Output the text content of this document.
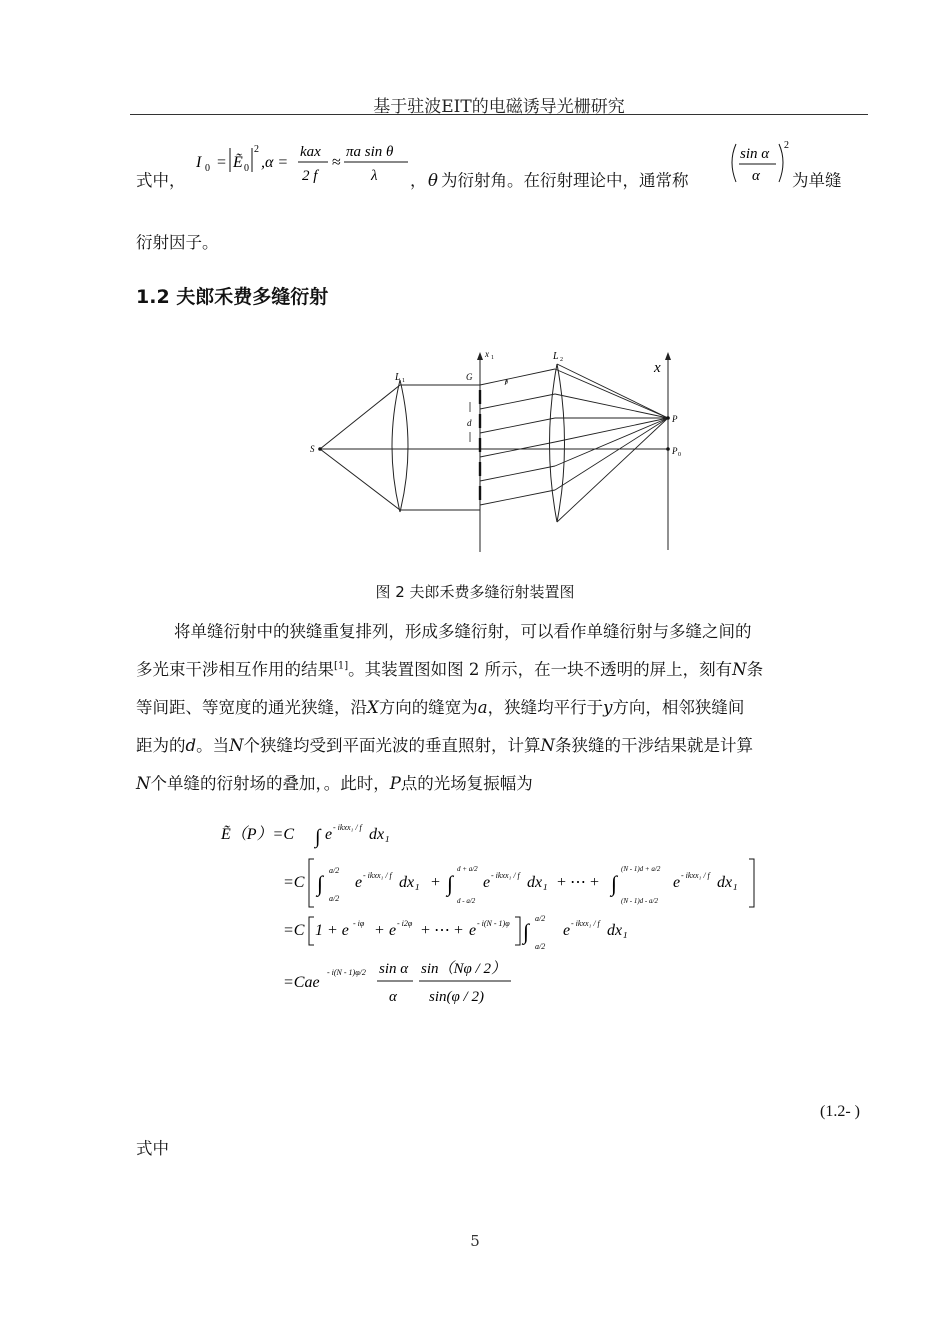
基于驻波EIT的电磁诱导光栅研究
式中，
I 0 = Ẽ 0
2
,α =
kax
2 f
≈
πa sin θ
λ ， θ 为衍射角。在衍射理论中，通常称
sin α
α
2
为单缝
衍射因子。
1.2 夫郎禾费多缝衍射
x 1
L 1
L 2	x
G
θ
d
S
P
P 0
图 2 夫郎禾费多缝衍射装置图
将单缝衍射中的狭缝重复排列，形成多缝衍射，可以看作单缝衍射与多缝之间的
多光束干涉相互作用的结果[1]。其装置图如图 2 所示，在一块不透明的屏上，刻有N条
等间距、等宽度的通光狭缝，沿X方向的缝宽为a，狭缝均平行于y方向，相邻狭缝间
距为的d。当N个狭缝均受到平面光波的垂直照射，计算N条狭缝的干涉结果就是计算
N个单缝的衍射场的叠加，。此时，P点的光场复振幅为
Ẽ（P）=C ∫ e - ikxx₁ / f dx₁
=C ∫
a/2
a/2
e - ikxx₁ / f dx₁ + ∫
d + a/2
d - a/2
e - ikxx₁ / f dx₁ + ⋯ + ∫
(N - 1)d + a/2
(N - 1)d - a/2
e - ikxx₁ / f dx₁
=C 1 + e - iφ + e - i2φ + ⋯ + e - i(N - 1)φ ∫
a/2
a/2
e - ikxx₁ / f dx₁
=Cae
- i(N - 1)φ/2 sin α
α
sin（Nφ / 2）
sin(φ / 2)
(1.2- )
式中
5
